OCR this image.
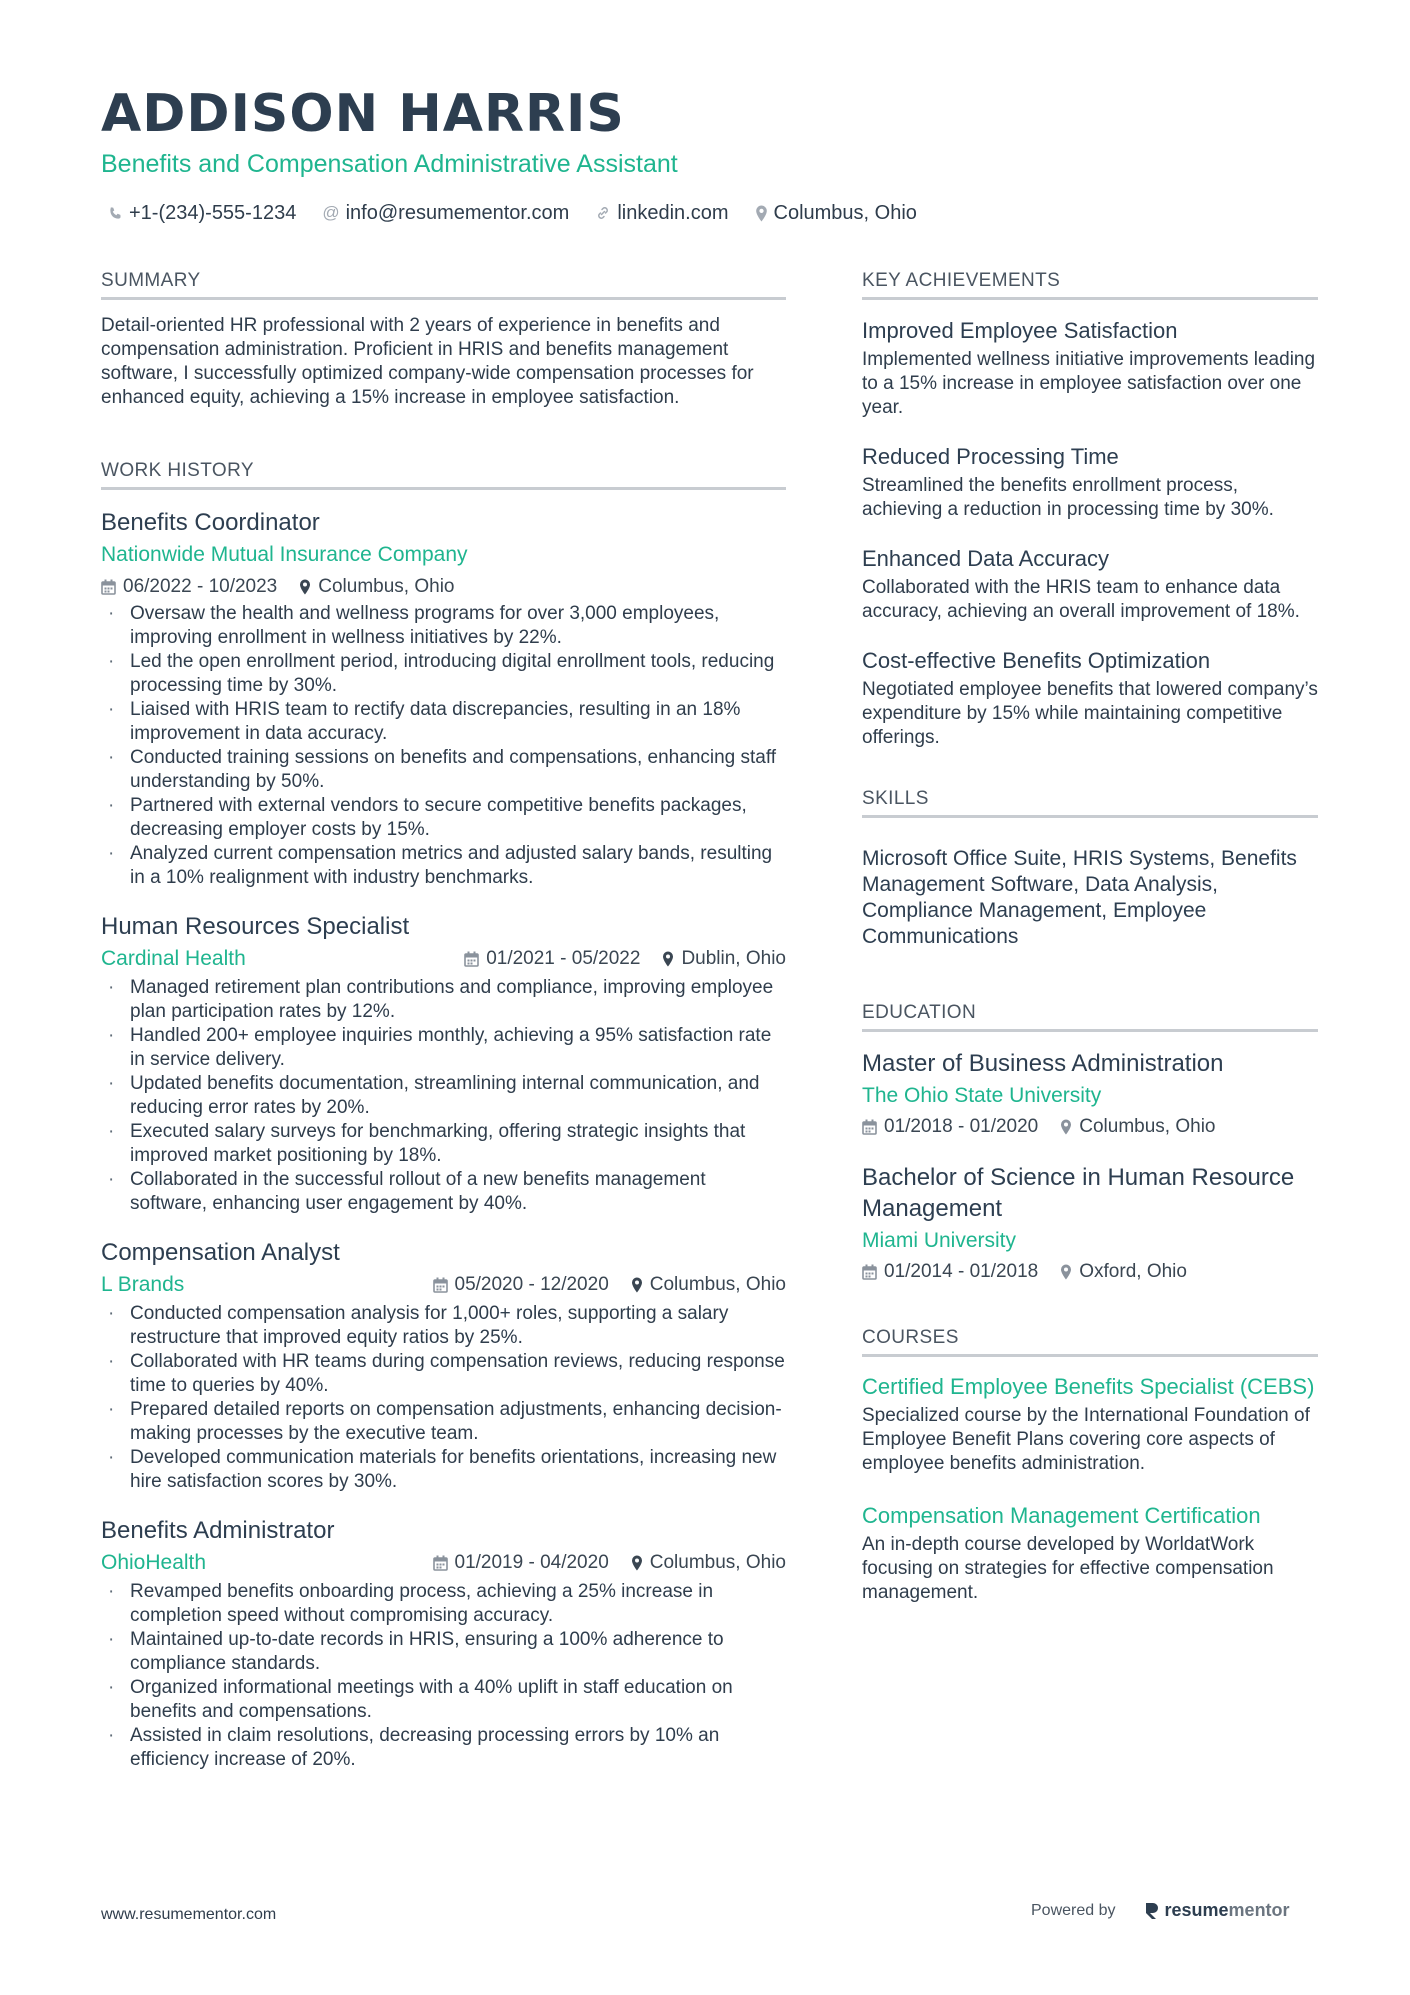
ADDISON HARRIS
Benefits and Compensation Administrative Assistant
+1-(234)-555-1234 @ info@resumementor.com linkedin.com Columbus, Ohio
SUMMARY
Detail-oriented HR professional with 2 years of experience in benefits and compensation administration. Proficient in HRIS and benefits management software, I successfully optimized company-wide compensation processes for enhanced equity, achieving a 15% increase in employee satisfaction.
WORK HISTORY
Benefits Coordinator
Nationwide Mutual Insurance Company
06/2022 - 10/2023 Columbus, Ohio
· Oversaw the health and wellness programs for over 3,000 employees, improving enrollment in wellness initiatives by 22%.
· Led the open enrollment period, introducing digital enrollment tools, reducing processing time by 30%.
· Liaised with HRIS team to rectify data discrepancies, resulting in an 18% improvement in data accuracy.
· Conducted training sessions on benefits and compensations, enhancing staff understanding by 50%.
· Partnered with external vendors to secure competitive benefits packages, decreasing employer costs by 15%.
· Analyzed current compensation metrics and adjusted salary bands, resulting in a 10% realignment with industry benchmarks.
Human Resources Specialist
Cardinal Health	01/2021 - 05/2022 Dublin, Ohio
· Managed retirement plan contributions and compliance, improving employee plan participation rates by 12%.
· Handled 200+ employee inquiries monthly, achieving a 95% satisfaction rate in service delivery.
· Updated benefits documentation, streamlining internal communication, and reducing error rates by 20%.
· Executed salary surveys for benchmarking, offering strategic insights that improved market positioning by 18%.
· Collaborated in the successful rollout of a new benefits management software, enhancing user engagement by 40%.
Compensation Analyst
L Brands	05/2020 - 12/2020 Columbus, Ohio
· Conducted compensation analysis for 1,000+ roles, supporting a salary restructure that improved equity ratios by 25%.
· Collaborated with HR teams during compensation reviews, reducing response time to queries by 40%.
· Prepared detailed reports on compensation adjustments, enhancing decision-making processes by the executive team.
· Developed communication materials for benefits orientations, increasing new hire satisfaction scores by 30%.
Benefits Administrator
OhioHealth	01/2019 - 04/2020 Columbus, Ohio
· Revamped benefits onboarding process, achieving a 25% increase in completion speed without compromising accuracy.
· Maintained up-to-date records in HRIS, ensuring a 100% adherence to compliance standards.
· Organized informational meetings with a 40% uplift in staff education on benefits and compensations.
· Assisted in claim resolutions, decreasing processing errors by 10% an efficiency increase of 20%.
KEY ACHIEVEMENTS
Improved Employee Satisfaction
Implemented wellness initiative improvements leading to a 15% increase in employee satisfaction over one year.
Reduced Processing Time
Streamlined the benefits enrollment process, achieving a reduction in processing time by 30%.
Enhanced Data Accuracy
Collaborated with the HRIS team to enhance data accuracy, achieving an overall improvement of 18%.
Cost-effective Benefits Optimization
Negotiated employee benefits that lowered company’s expenditure by 15% while maintaining competitive offerings.
SKILLS
Microsoft Office Suite, HRIS Systems, Benefits Management Software, Data Analysis, Compliance Management, Employee Communications
EDUCATION
Master of Business Administration
The Ohio State University
01/2018 - 01/2020 Columbus, Ohio
Bachelor of Science in Human Resource Management
Miami University
01/2014 - 01/2018 Oxford, Ohio
COURSES
Certified Employee Benefits Specialist (CEBS)
Specialized course by the International Foundation of Employee Benefit Plans covering core aspects of employee benefits administration.
Compensation Management Certification
An in-depth course developed by WorldatWork focusing on strategies for effective compensation management.
www.resumementor.com	Powered by	resume mentor
